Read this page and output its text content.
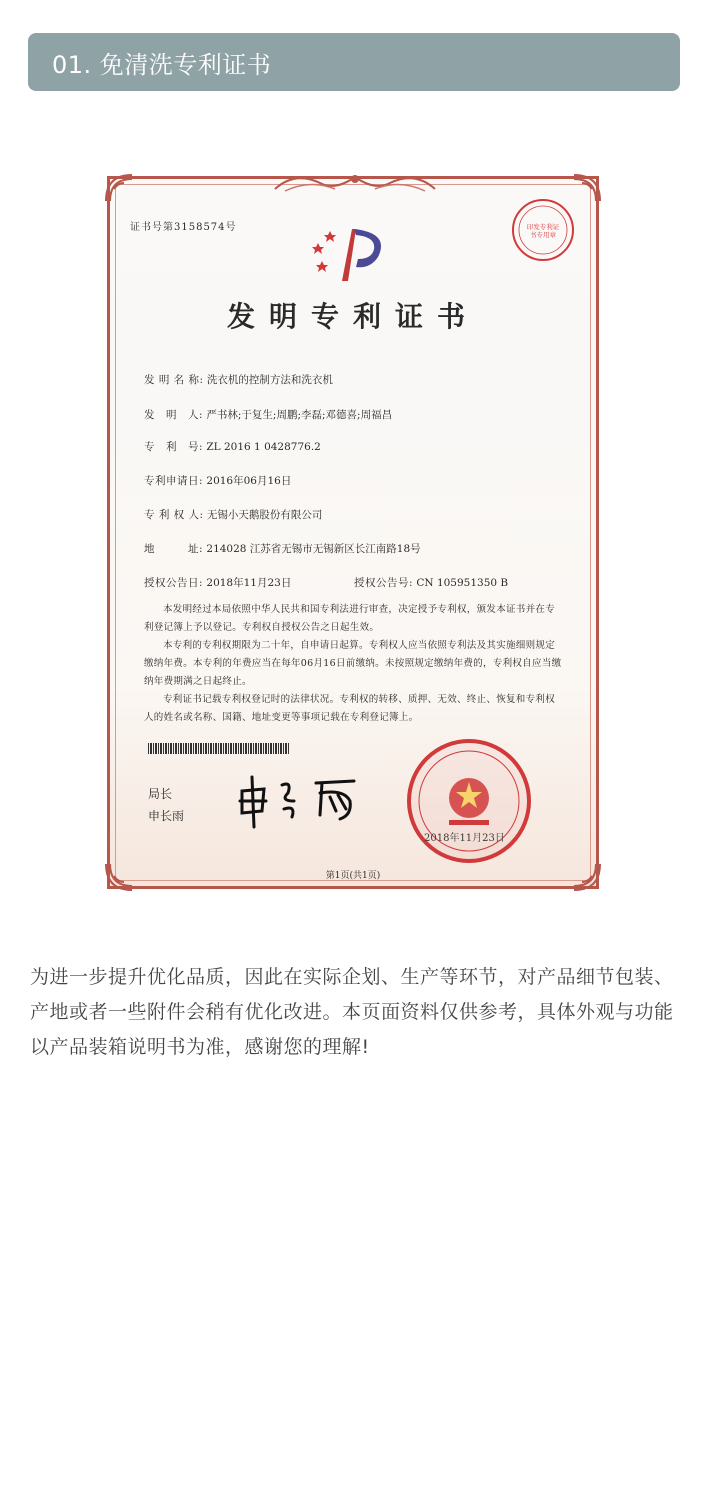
01. 免清洗专利证书
证书号第3158574号	印发专利证书专用章
发明专利证书
发 明 名 称: 洗衣机的控制方法和洗衣机
发　明　人: 严书林;于复生;周鹏;李磊;邓德喜;周福昌
专　利　号: ZL 2016 1 0428776.2
专利申请日: 2016年06月16日
专 利 权 人: 无锡小天鹅股份有限公司
地　　　址: 214028 江苏省无锡市无锡新区长江南路18号
授权公告日: 2018年11月23日	授权公告号: CN 105951350 B

本发明经过本局依照中华人民共和国专利法进行审查，决定授予专利权，颁发本证书并在专利登记簿上予以登记。专利权自授权公告之日起生效。

本专利的专利权期限为二十年，自申请日起算。专利权人应当依照专利法及其实施细则规定缴纳年费。本专利的年费应当在每年06月16日前缴纳。未按照规定缴纳年费的，专利权自应当缴纳年费期满之日起终止。

专利证书记载专利权登记时的法律状况。专利权的转移、质押、无效、终止、恢复和专利权人的姓名或名称、国籍、地址变更等事项记载在专利登记簿上。

局长
申长雨
2018年11月23日
第1页(共1页)
为进一步提升优化品质，因此在实际企划、生产等环节，对产品细节包装、产地或者一些附件会稍有优化改进。本页面资料仅供参考，具体外观与功能以产品装箱说明书为准，感谢您的理解!
